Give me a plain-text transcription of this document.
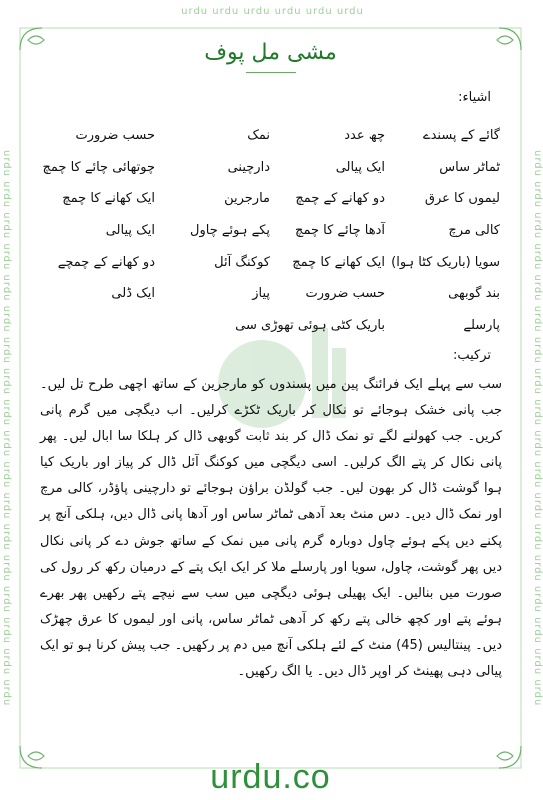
urdu urdu urdu urdu urdu urdu
urdu urdu urdu urdu urdu urdu urdu urdu urdu urdu urdu urdu urdu urdu urdu urdu urdu urdu	urdu urdu urdu urdu urdu urdu urdu urdu urdu urdu urdu urdu urdu urdu urdu urdu urdu urdu
مشی مل پوف
اشیاء:
گائے کے پسندے
چھ عدد
نمک
حسب ضرورت
ٹماٹر ساس
ایک پیالی
دارچینی
چوتھائی چائے کا چمچ
لیموں کا عرق
دو کھانے کے چمچ
مارجرین
ایک کھانے کا چمچ
کالی مرچ
آدھا چائے کا چمچ
پکے ہوئے چاول
ایک پیالی
سویا (باریک کٹا ہوا)
ایک کھانے کا چمچ
کوکنگ آئل
دو کھانے کے چمچے
بند گوبھی
حسب ضرورت
پیاز
ایک ڈلی
پارسلے
باریک کٹی ہوئی تھوڑی سی
ترکیب:
سب سے پہلے ایک فرائنگ پین میں پسندوں کو مارجرین کے ساتھ اچھی طرح تل لیں۔ جب پانی خشک ہوجائے تو نکال کر باریک ٹکڑے کرلیں۔ اب دیگچی میں گرم پانی کریں۔ جب کھولنے لگے تو نمک ڈال کر بند ثابت گوبھی ڈال کر ہلکا سا ابال لیں۔ پھر پانی نکال کر پتے الگ کرلیں۔ اسی دیگچی میں کوکنگ آئل ڈال کر پیاز اور باریک کیا ہوا گوشت ڈال کر بھون لیں۔ جب گولڈن براؤن ہوجائے تو دارچینی پاؤڈر، کالی مرچ اور نمک ڈال دیں۔ دس منٹ بعد آدھی ٹماٹر ساس اور آدھا پانی ڈال دیں، ہلکی آنچ پر پکنے دیں پکے ہوئے چاول دوبارہ گرم پانی میں نمک کے ساتھ جوش دے کر پانی نکال دیں پھر گوشت، چاول، سویا اور پارسلے ملا کر ایک ایک پتے کے درمیان رکھ کر رول کی صورت میں بنالیں۔ ایک پھیلی ہوئی دیگچی میں سب سے نیچے پتے رکھیں پھر بھرے ہوئے پتے اور کچھ خالی پتے رکھ کر آدھی ٹماٹر ساس، پانی اور لیموں کا عرق چھڑک دیں۔ پینتالیس (45) منٹ کے لئے ہلکی آنچ میں دم پر رکھیں۔ جب پیش کرنا ہو تو ایک پیالی دہی پھینٹ کر اوپر ڈال دیں۔ یا الگ رکھیں۔
urdu.co
